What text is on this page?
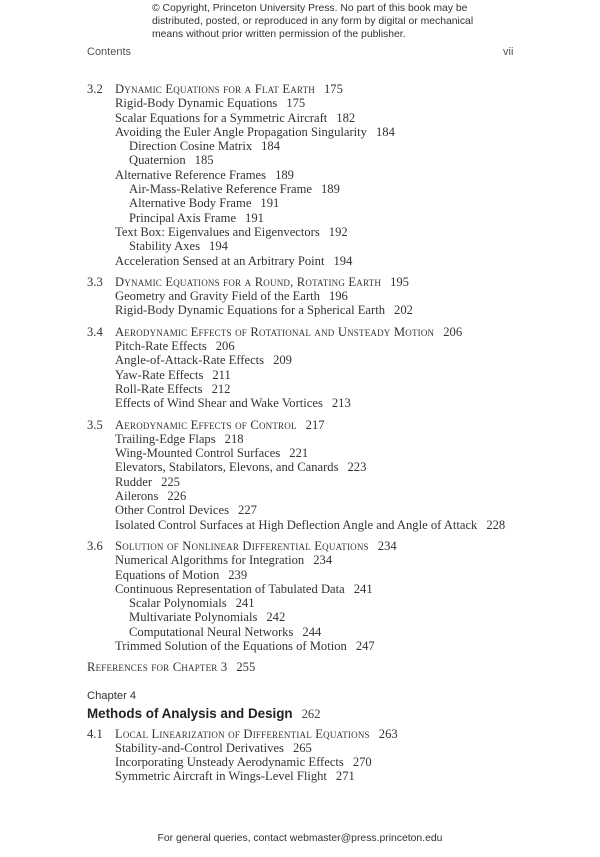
© Copyright, Princeton University Press. No part of this book may be
distributed, posted, or reproduced in any form by digital or mechanical
means without prior written permission of the publisher.
Contents	vii
3.2 Dynamic Equations for a Flat Earth 175
Rigid-Body Dynamic Equations 175
Scalar Equations for a Symmetric Aircraft 182
Avoiding the Euler Angle Propagation Singularity 184
Direction Cosine Matrix 184
Quaternion 185
Alternative Reference Frames 189
Air-Mass-Relative Reference Frame 189
Alternative Body Frame 191
Principal Axis Frame 191
Text Box: Eigenvalues and Eigenvectors 192
Stability Axes 194
Acceleration Sensed at an Arbitrary Point 194
3.3 Dynamic Equations for a Round, Rotating Earth 195
Geometry and Gravity Field of the Earth 196
Rigid-Body Dynamic Equations for a Spherical Earth 202
3.4 Aerodynamic Effects of Rotational and Unsteady Motion 206
Pitch-Rate Effects 206
Angle-of-Attack-Rate Effects 209
Yaw-Rate Effects 211
Roll-Rate Effects 212
Effects of Wind Shear and Wake Vortices 213
3.5 Aerodynamic Effects of Control 217
Trailing-Edge Flaps 218
Wing-Mounted Control Surfaces 221
Elevators, Stabilators, Elevons, and Canards 223
Rudder 225
Ailerons 226
Other Control Devices 227
Isolated Control Surfaces at High Deflection Angle and Angle of Attack 228
3.6 Solution of Nonlinear Differential Equations 234
Numerical Algorithms for Integration 234
Equations of Motion 239
Continuous Representation of Tabulated Data 241
Scalar Polynomials 241
Multivariate Polynomials 242
Computational Neural Networks 244
Trimmed Solution of the Equations of Motion 247
References for Chapter 3 255
Chapter 4
Methods of Analysis and Design 262
4.1 Local Linearization of Differential Equations 263
Stability-and-Control Derivatives 265
Incorporating Unsteady Aerodynamic Effects 270
Symmetric Aircraft in Wings-Level Flight 271
For general queries, contact webmaster@press.princeton.edu
